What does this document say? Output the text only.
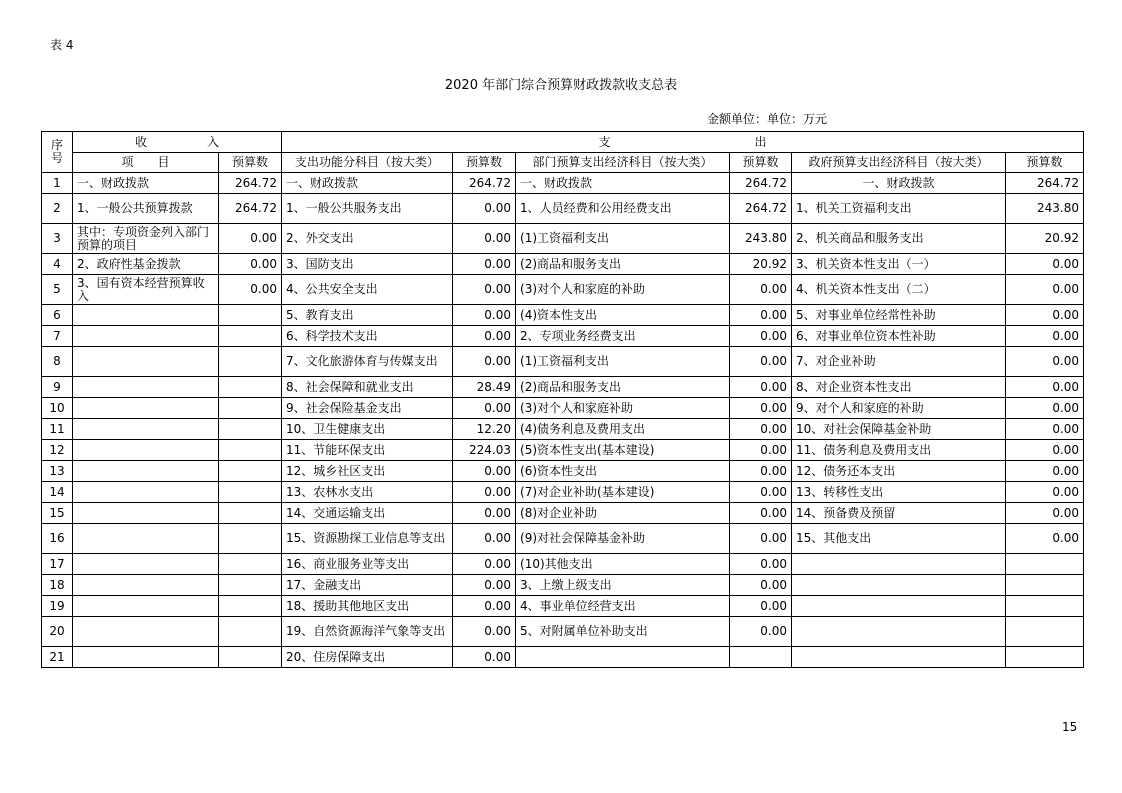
表 4
2020 年部门综合预算财政拨款收支总表
金额单位：单位：万元
序号	收　　　　　入		支　　　　　　　　　　　　出					
	项　　目	预算数	支出功能分科目（按大类）	预算数	部门预算支出经济科目（按大类）	预算数	政府预算支出经济科目（按大类）	预算数
1	一、财政拨款	264.72	一、财政拨款	264.72	一、财政拨款	264.72	一、财政拨款	264.72
2	1、一般公共预算拨款	264.72	1、一般公共服务支出	0.00	1、人员经费和公用经费支出	264.72	1、机关工资福利支出	243.80
3	其中：专项资金列入部门预算的项目	0.00	2、外交支出	0.00	(1)工资福利支出	243.80	2、机关商品和服务支出	20.92
4	2、政府性基金拨款	0.00	3、国防支出	0.00	(2)商品和服务支出	20.92	3、机关资本性支出（一）	0.00
5	3、国有资本经营预算收入	0.00	4、公共安全支出	0.00	(3)对个人和家庭的补助	0.00	4、机关资本性支出（二）	0.00
6			5、教育支出	0.00	(4)资本性支出	0.00	5、对事业单位经常性补助	0.00
7			6、科学技术支出	0.00	2、专项业务经费支出	0.00	6、对事业单位资本性补助	0.00
8			7、文化旅游体育与传媒支出	0.00	(1)工资福利支出	0.00	7、对企业补助	0.00
9			8、社会保障和就业支出	28.49	(2)商品和服务支出	0.00	8、对企业资本性支出	0.00
10			9、社会保险基金支出	0.00	(3)对个人和家庭补助	0.00	9、对个人和家庭的补助	0.00
11			10、卫生健康支出	12.20	(4)债务利息及费用支出	0.00	10、对社会保障基金补助	0.00
12			11、节能环保支出	224.03	(5)资本性支出(基本建设)	0.00	11、债务利息及费用支出	0.00
13			12、城乡社区支出	0.00	(6)资本性支出	0.00	12、债务还本支出	0.00
14			13、农林水支出	0.00	(7)对企业补助(基本建设)	0.00	13、转移性支出	0.00
15			14、交通运输支出	0.00	(8)对企业补助	0.00	14、预备费及预留	0.00
16			15、资源勘探工业信息等支出	0.00	(9)对社会保障基金补助	0.00	15、其他支出	0.00
17			16、商业服务业等支出	0.00	(10)其他支出	0.00		
18			17、金融支出	0.00	3、上缴上级支出	0.00		
19			18、援助其他地区支出	0.00	4、事业单位经营支出	0.00		
20			19、自然资源海洋气象等支出	0.00	5、对附属单位补助支出	0.00		
21			20、住房保障支出	0.00				
15
